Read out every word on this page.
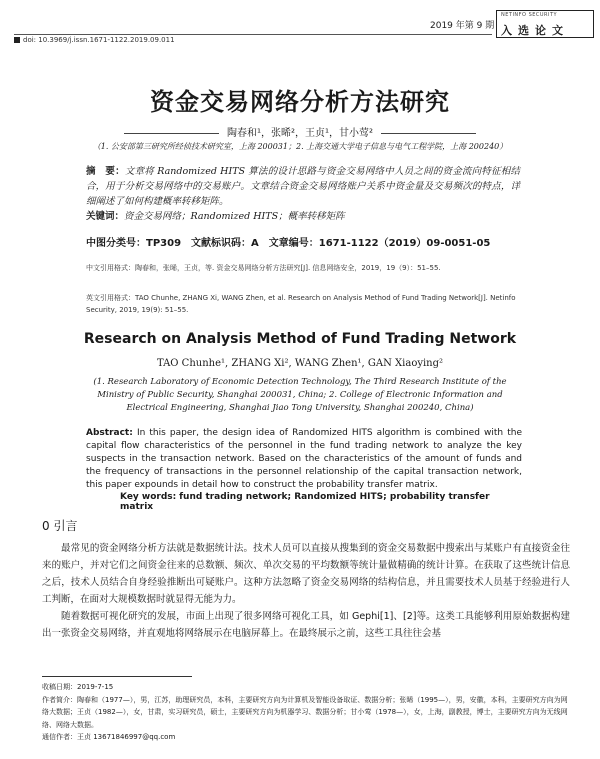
doi: 10.3969/j.issn.1671-1122.2019.09.011
2019 年第 9 期
NETINFO SECURITY
入选论文
资金交易网络分析方法研究
陶春和¹，张晞²，王贞¹，甘小莺²
（1. 公安部第三研究所经侦技术研究室，上海 200031；2. 上海交通大学电子信息与电气工程学院，上海 200240）
摘　要：文章将 Randomized HITS 算法的设计思路与资金交易网络中人员之间的资金流向特征相结合，用于分析交易网络中的交易账户。文章结合资金交易网络账户关系中资金量及交易频次的特点，详细阐述了如何构建概率转移矩阵。
关键词：资金交易网络；Randomized HITS；概率转移矩阵
中图分类号：TP309　文献标识码：A　文章编号：1671-1122（2019）09-0051-05
中文引用格式：陶春和，张晞，王贞，等. 资金交易网络分析方法研究[J]. 信息网络安全，2019，19（9）：51–55.
英文引用格式：TAO Chunhe, ZHANG Xi, WANG Zhen, et al. Research on Analysis Method of Fund Trading Network[J]. Netinfo Security, 2019, 19(9): 51–55.
Research on Analysis Method of Fund Trading Network
TAO Chunhe¹, ZHANG Xi², WANG Zhen¹, GAN Xiaoying²
(1. Research Laboratory of Economic Detection Technology, The Third Research Institute of the Ministry of Public Security, Shanghai 200031, China; 2. College of Electronic Information and Electrical Engineering, Shanghai Jiao Tong University, Shanghai 200240, China)
Abstract: In this paper, the design idea of Randomized HITS algorithm is combined with the capital flow characteristics of the personnel in the fund trading network to analyze the key suspects in the transaction network. Based on the characteristics of the amount of funds and the frequency of transactions in the personnel relationship of the capital transaction network, this paper expounds in detail how to construct the probability transfer matrix.
Key words: fund trading network; Randomized HITS; probability transfer matrix
0 引言

最常见的资金网络分析方法就是数据统计法。技术人员可以直接从搜集到的资金交易数据中搜索出与某账户有直接资金往来的账户，并对它们之间资金往来的总数额、频次、单次交易的平均数额等统计量做精确的统计计算。在获取了这些统计信息之后，技术人员结合自身经验推断出可疑账户。这种方法忽略了资金交易网络的结构信息，并且需要技术人员基于经验进行人工判断，在面对大规模数据时就显得无能为力。

随着数据可视化研究的发展，市面上出现了很多网络可视化工具，如 Gephi[1]、[2]等。这类工具能够利用原始数据构建出一张资金交易网络，并直观地将网络展示在电脑屏幕上。在最终展示之前，这些工具往往会基

收稿日期：2019-7-15
作者简介：陶春和（1977—），男，江苏，助理研究员，本科，主要研究方向为计算机及智能设备取证、数据分析；张晞（1995—），男，安徽，本科，主要研究方向为网络大数据；王贞（1982—），女，甘肃，实习研究员，硕士，主要研究方向为机器学习、数据分析；甘小莺（1978—），女，上海，副教授，博士，主要研究方向为无线网络、网络大数据。
通信作者：王贞 13671846997@qq.com
